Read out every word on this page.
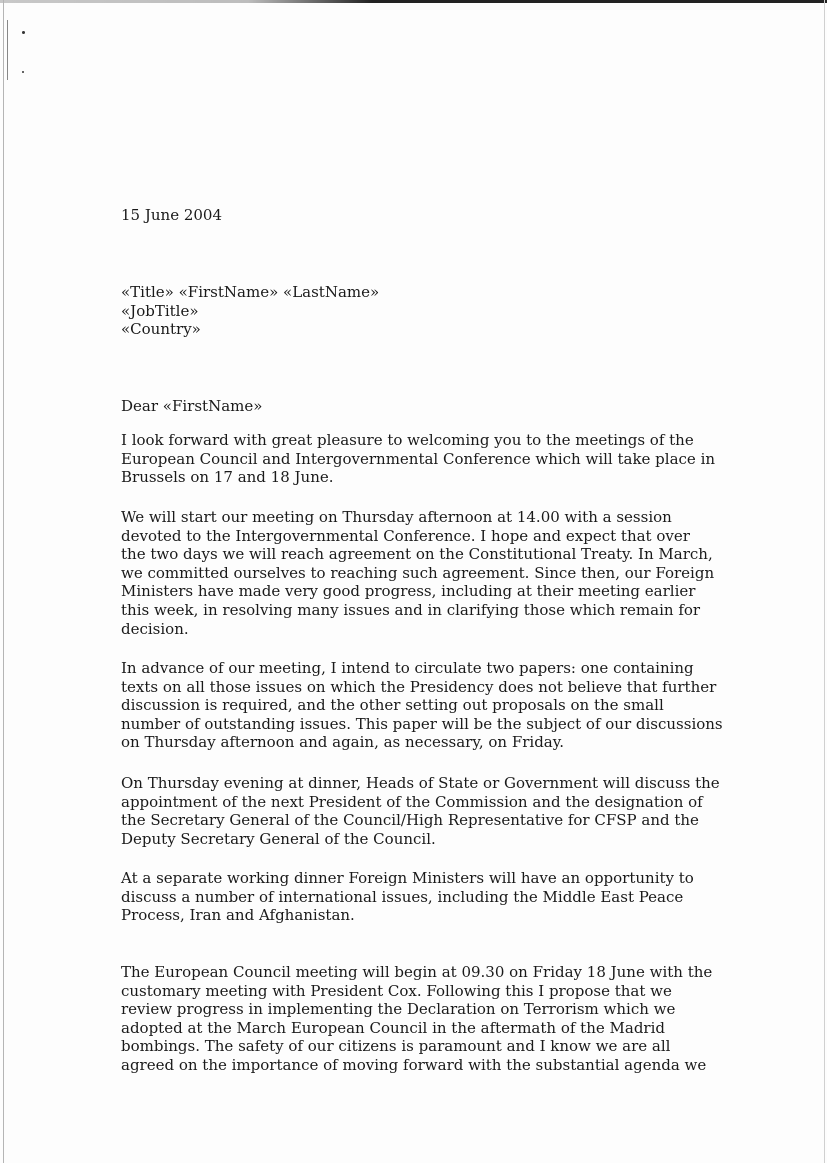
15 June 2004
«Title» «FirstName» «LastName»
«JobTitle»
«Country»
Dear «FirstName»
I look forward with great pleasure to welcoming you to the meetings of the
European Council and Intergovernmental Conference which will take place in
Brussels on 17 and 18 June.
We will start our meeting on Thursday afternoon at 14.00 with a session
devoted to the Intergovernmental Conference. I hope and expect that over
the two days we will reach agreement on the Constitutional Treaty. In March,
we committed ourselves to reaching such agreement. Since then, our Foreign
Ministers have made very good progress, including at their meeting earlier
this week, in resolving many issues and in clarifying those which remain for
decision.
In advance of our meeting, I intend to circulate two papers: one containing
texts on all those issues on which the Presidency does not believe that further
discussion is required, and the other setting out proposals on the small
number of outstanding issues. This paper will be the subject of our discussions
on Thursday afternoon and again, as necessary, on Friday.
On Thursday evening at dinner, Heads of State or Government will discuss the
appointment of the next President of the Commission and the designation of
the Secretary General of the Council/High Representative for CFSP and the
Deputy Secretary General of the Council.
At a separate working dinner Foreign Ministers will have an opportunity to
discuss a number of international issues, including the Middle East Peace
Process, Iran and Afghanistan.
The European Council meeting will begin at 09.30 on Friday 18 June with the
customary meeting with President Cox. Following this I propose that we
review progress in implementing the Declaration on Terrorism which we
adopted at the March European Council in the aftermath of the Madrid
bombings. The safety of our citizens is paramount and I know we are all
agreed on the importance of moving forward with the substantial agenda we
